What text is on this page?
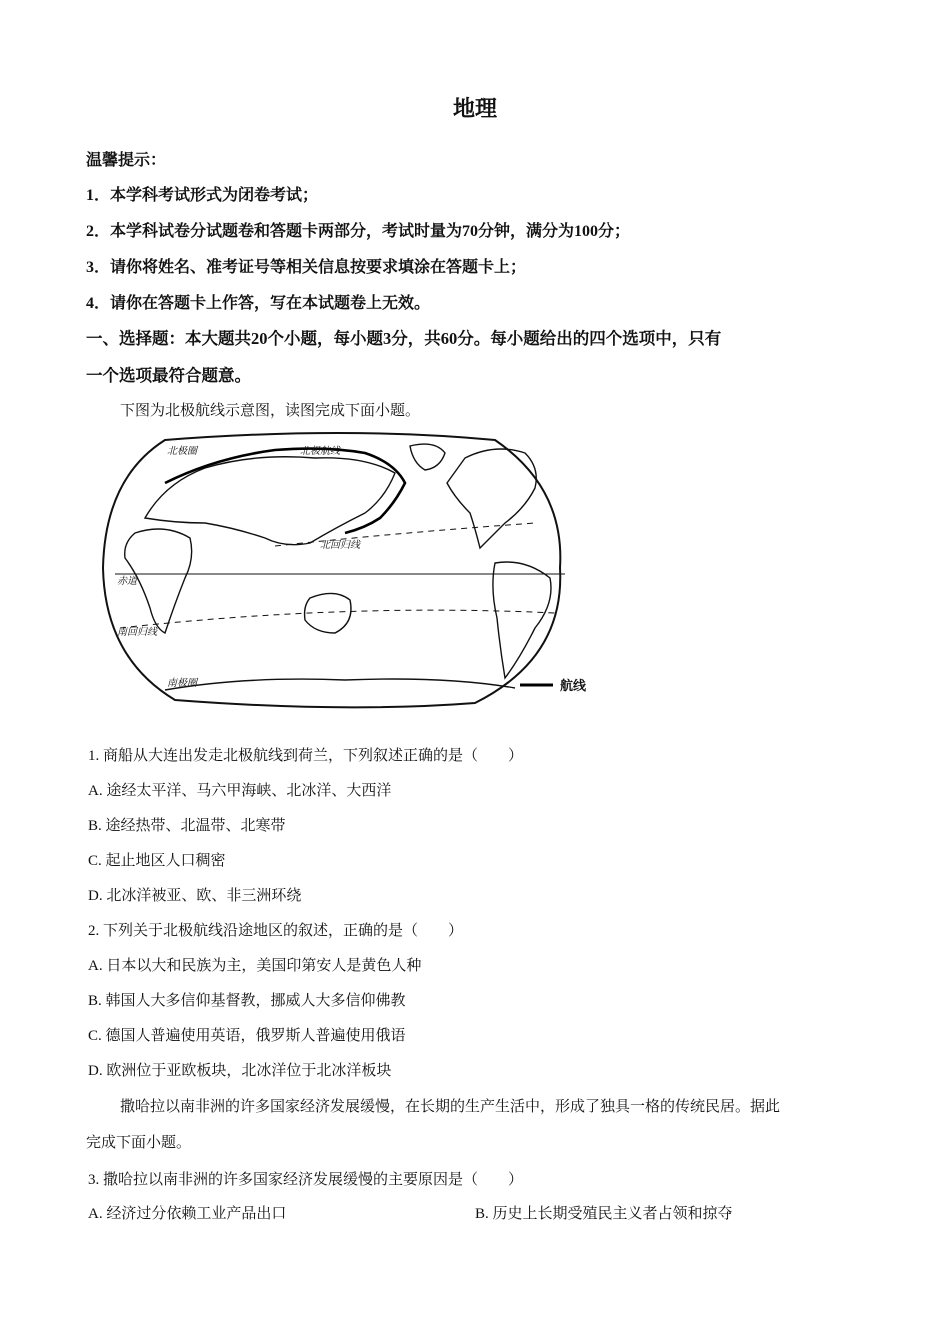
地理
温馨提示：
1．本学科考试形式为闭卷考试；
2．本学科试卷分试题卷和答题卡两部分，考试时量为70分钟，满分为100分；
3．请你将姓名、准考证号等相关信息按要求填涂在答题卡上；
4．请你在答题卡上作答，写在本试题卷上无效。
一、选择题：本大题共20个小题，每小题3分，共60分。每小题给出的四个选项中，只有
一个选项最符合题意。
下图为北极航线示意图，读图完成下面小题。
北极圈	北极航线
北回归线
赤道
南回归线
南极圈	航线
1. 商船从大连出发走北极航线到荷兰，下列叙述正确的是（　　）
A. 途经太平洋、马六甲海峡、北冰洋、大西洋
B. 途经热带、北温带、北寒带
C. 起止地区人口稠密
D. 北冰洋被亚、欧、非三洲环绕
2. 下列关于北极航线沿途地区的叙述，正确的是（　　）
A. 日本以大和民族为主，美国印第安人是黄色人种
B. 韩国人大多信仰基督教，挪威人大多信仰佛教
C. 德国人普遍使用英语，俄罗斯人普遍使用俄语
D. 欧洲位于亚欧板块，北冰洋位于北冰洋板块
撒哈拉以南非洲的许多国家经济发展缓慢，在长期的生产生活中，形成了独具一格的传统民居。据此
完成下面小题。
3. 撒哈拉以南非洲的许多国家经济发展缓慢的主要原因是（　　）
A. 经济过分依赖工业产品出口	B. 历史上长期受殖民主义者占领和掠夺
